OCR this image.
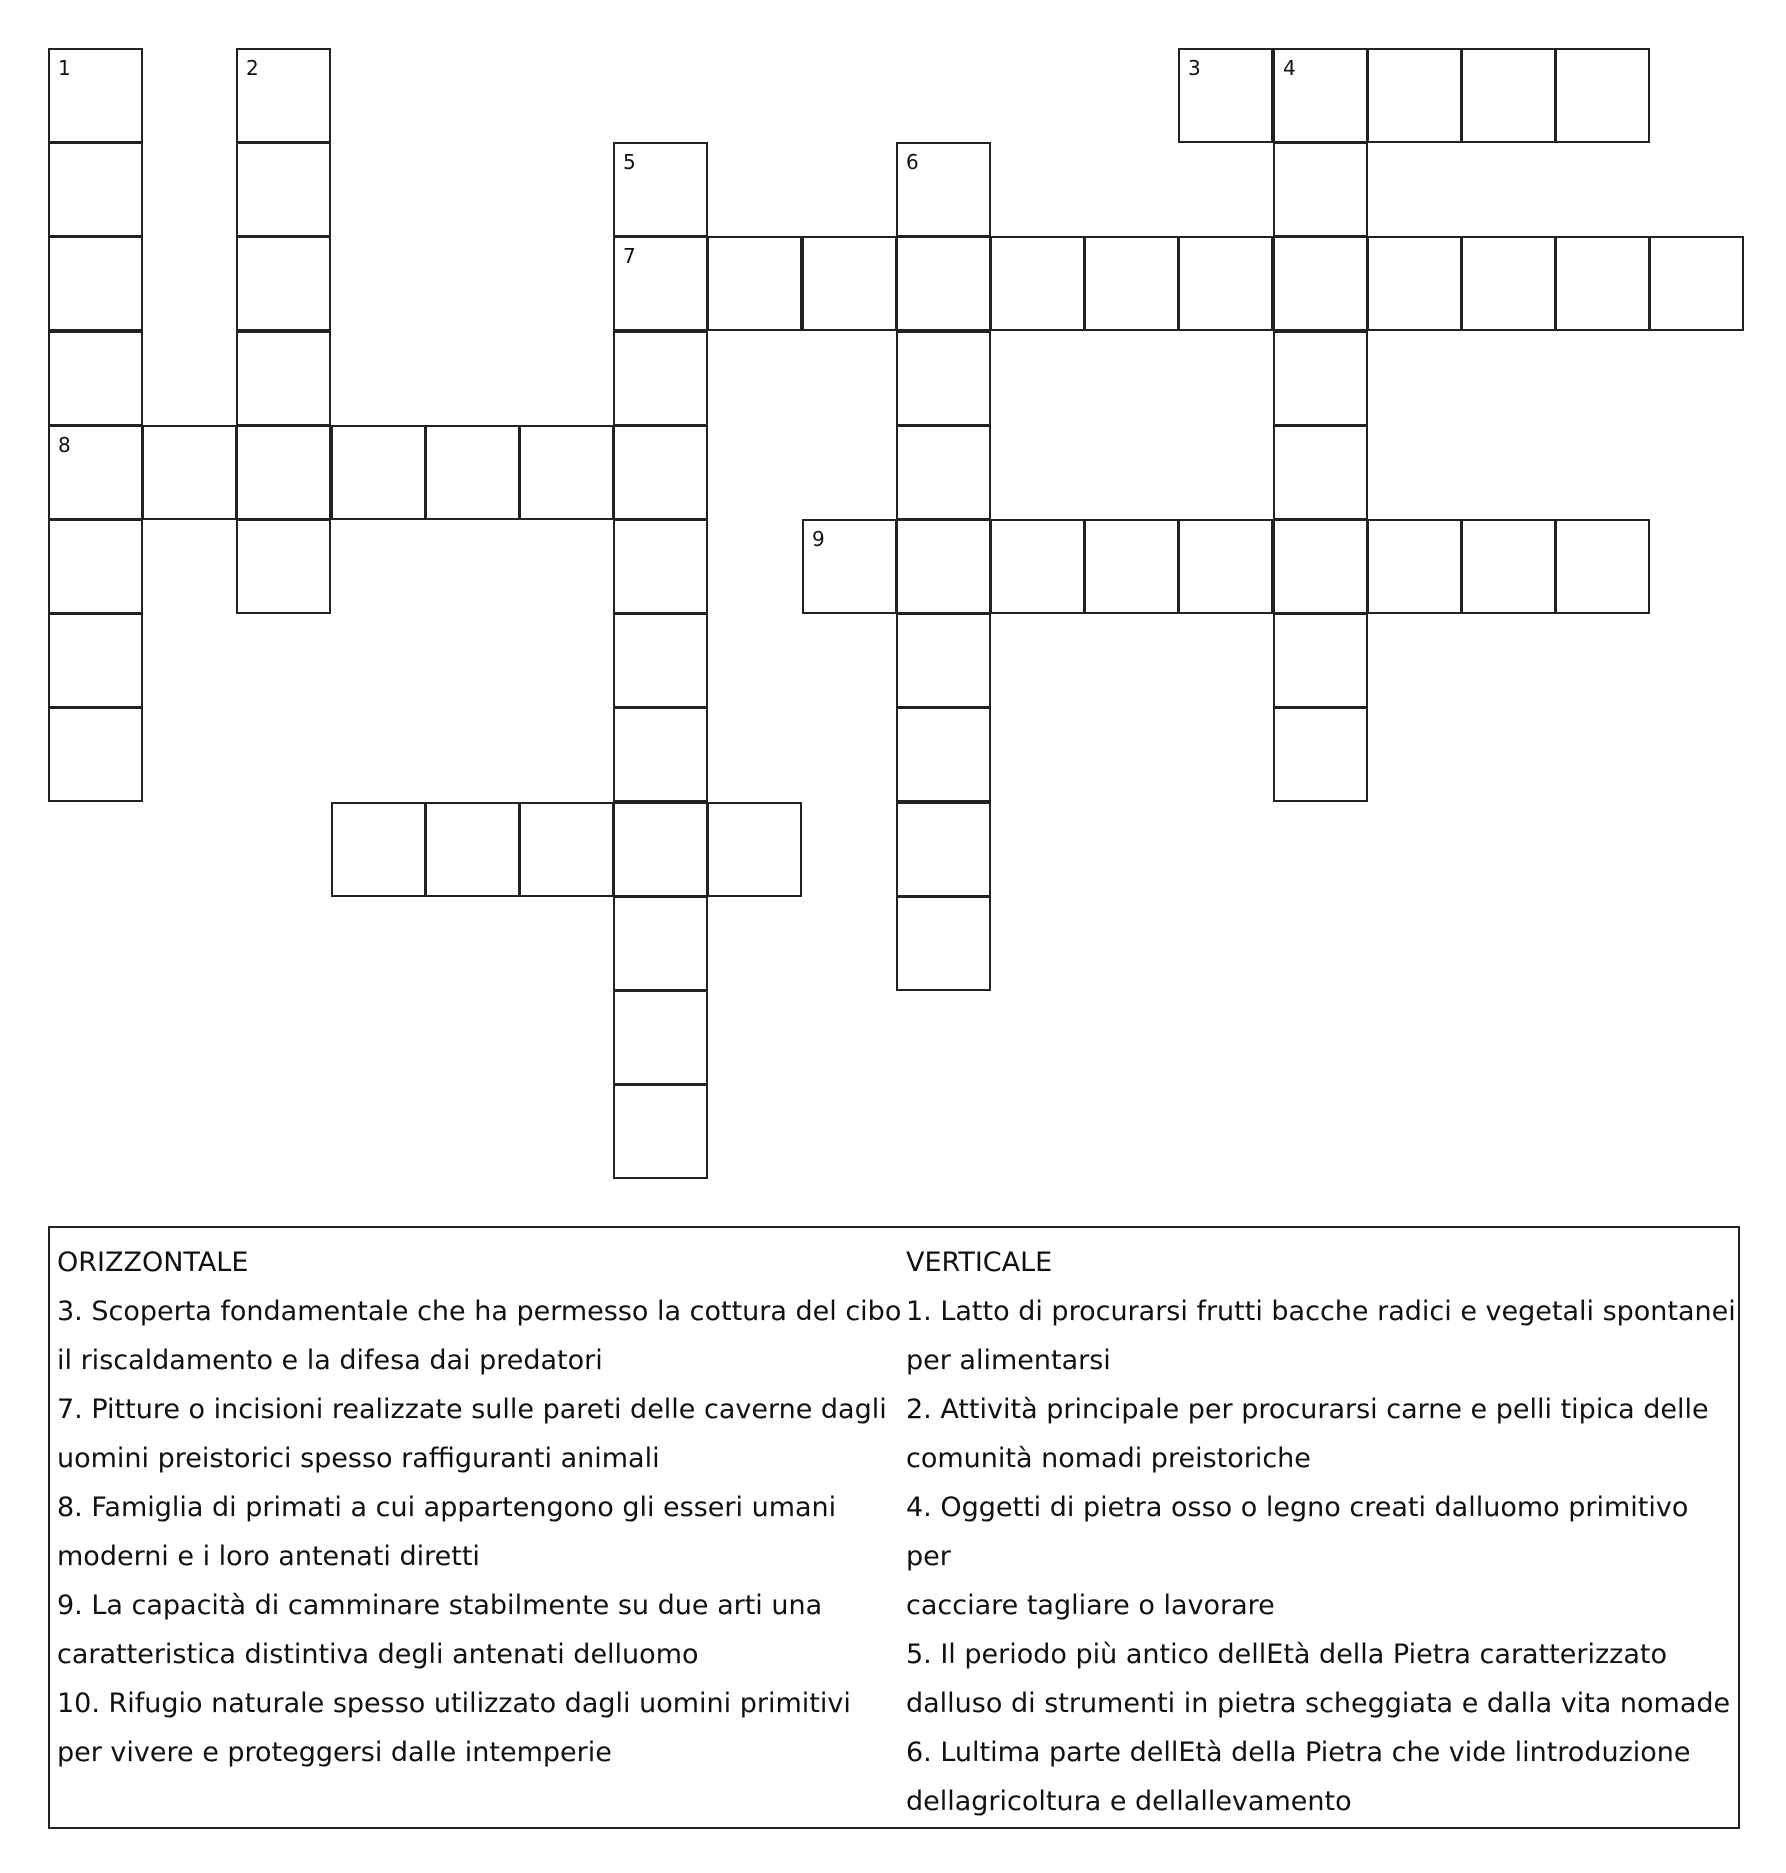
1
8
2	3	4
5
7
6
9
ORIZZONTALE
3. Scoperta fondamentale che ha permesso la cottura del cibo
il riscaldamento e la difesa dai predatori
7. Pitture o incisioni realizzate sulle pareti delle caverne dagli
uomini preistorici spesso raffiguranti animali
8. Famiglia di primati a cui appartengono gli esseri umani
moderni e i loro antenati diretti
9. La capacità di camminare stabilmente su due arti una
caratteristica distintiva degli antenati delluomo
10. Rifugio naturale spesso utilizzato dagli uomini primitivi
per vivere e proteggersi dalle intemperie
VERTICALE
1. Latto di procurarsi frutti bacche radici e vegetali spontanei
per alimentarsi
2. Attività principale per procurarsi carne e pelli tipica delle
comunità nomadi preistoriche
4. Oggetti di pietra osso o legno creati dalluomo primitivo per
cacciare tagliare o lavorare
5. Il periodo più antico dellEtà della Pietra caratterizzato
dalluso di strumenti in pietra scheggiata e dalla vita nomade
6. Lultima parte dellEtà della Pietra che vide lintroduzione
dellagricoltura e dellallevamento
